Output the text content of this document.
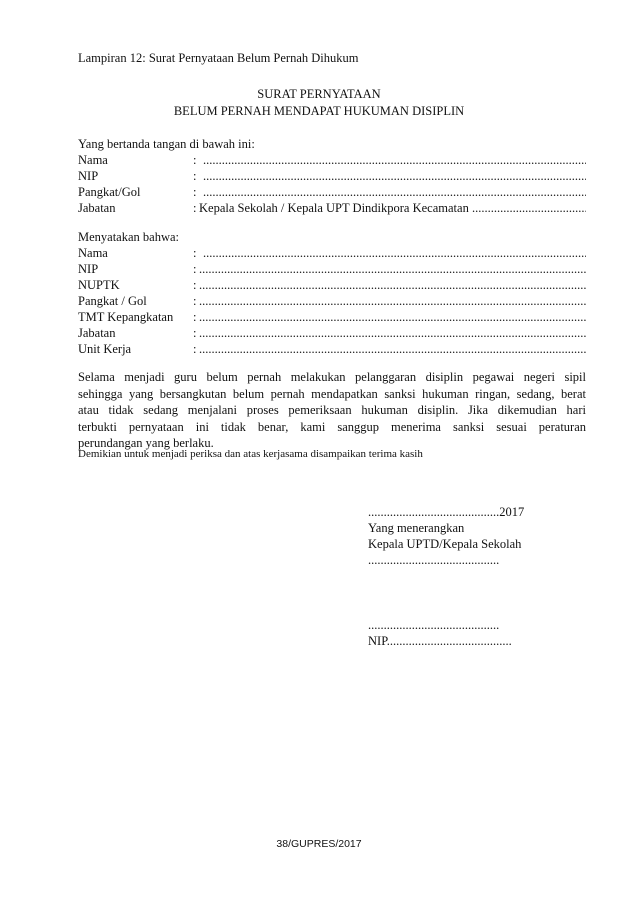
Lampiran 12: Surat Pernyataan Belum Pernah Dihukum
SURAT PERNYATAAN
BELUM PERNAH MENDAPAT HUKUMAN DISIPLIN
Yang bertanda tangan di bawah ini:
Nama	:
.....
NIP	:
.....
Pangkat/Gol	:
.....
Jabatan	: Kepala Sekolah / Kepala UPT Dindikpora Kecamatan
.....
Menyatakan bahwa:
Nama	:
.....
NIP	:
.....
NUPTK	:
.....
Pangkat / Gol	:
.....
TMT Kepangkatan :
.....
Jabatan	:
.....
Unit Kerja	:
.....
Selama menjadi guru belum pernah melakukan pelanggaran disiplin pegawai negeri sipil
sehingga yang bersangkutan belum pernah mendapatkan sanksi hukuman ringan, sedang, berat
atau tidak sedang menjalani proses pemeriksaan hukuman disiplin. Jika dikemudian hari
terbukti pernyataan ini tidak benar, kami sanggup menerima sanksi sesuai peraturan
perundangan yang berlaku.
Demikian untuk menjadi periksa dan atas kerjasama disampaikan terima kasih
..........................................2017
Yang menerangkan
Kepala UPTD/Kepala Sekolah
..........................................
..........................................
NIP........................................
38/GUPRES/2017
